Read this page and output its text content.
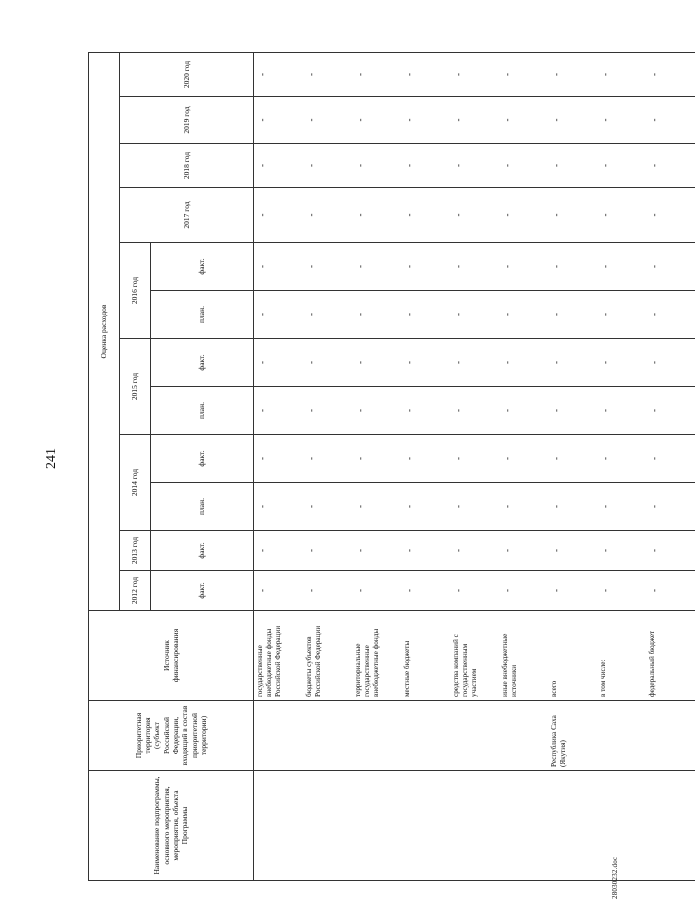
241
Наименование подпрограммы, основного мероприятия, мероприятия, объекта Программы	Приоритетная территория (субъект Российской Федерации, входящий в состав приоритетной территории)	Источник финансирования	Оценка расходов											
			2012 год	2013 год	2014 год		2015 год		2016 год		2017 год	2018 год	2019 год	2020 год
			факт.	факт.	план.	факт.	план.	факт.	план.	факт.				

		государственные внебюджетные фонды Российской Федерации	-	-	-	-	-	-	-	-	-	-	-	-

		бюджеты субъектов Российской Федерации	-	-	-	-	-	-	-	-	-	-	-	-

		территориальные государственные внебюджетные фонды	-	-	-	-	-	-	-	-	-	-	-	-

		местные бюджеты	-	-	-	-	-	-	-	-	-	-	-	-

		средства компаний с государственным участием	-	-	-	-	-	-	-	-	-	-	-	-

		иные внебюджетные источники	-	-	-	-	-	-	-	-	-	-	-	-

	Республика Саха (Якутия)	всего	-	-	-	-	-	-	-	-	-	-	-	-

		в том числе:	-	-	-	-	-	-	-	-	-	-	-	-

		федеральный бюджет	-	-	-	-	-	-	-	-	-	-	-	-
28030232.doc
